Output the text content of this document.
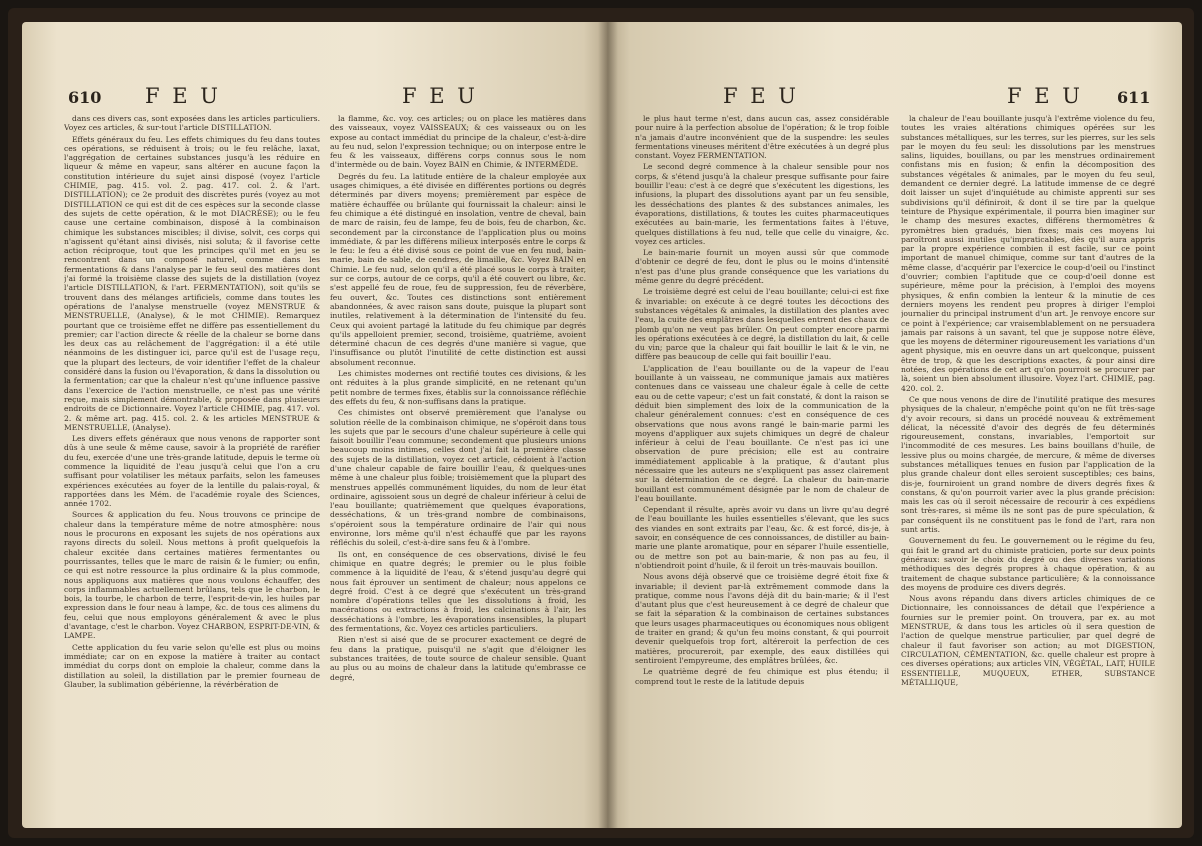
610 F E U	F E U

dans ces divers cas, sont exposées dans les articles particuliers. Voyez ces articles, & sur-tout l'article DISTILLATION.

Effets généraux du feu. Les effets chimiques du feu dans toutes ces opérations, se réduisent à trois; ou le feu relâche, laxat, l'aggrégation de certaines substances jusqu'à les réduire en liqueur & même en vapeur, sans altérer en aucune façon la constitution intérieure du sujet ainsi disposé (voyez l'article CHIMIE, pag. 415. vol. 2. pag. 417. col. 2. & l'art. DISTILLATION); ce 2e produit des discrètes purés (voyez au mot DISTILLATION ce qui est dit de ces espèces sur la seconde classe des sujets de cette opération, & le mot DIACRÈSE); ou le feu cause une certaine combinaison, disposé à la combinaison chimique les substances miscibles; il divise, solvit, ces corps qui n'agissent qu'étant ainsi divisés, nisi soluta; & il favorise cette action réciproque, tout que les principes qu'il met en jeu se rencontrent dans un composé naturel, comme dans les fermentations & dans l'analyse par le feu seul des matières dont j'ai formé la troisième classe des sujets de la distillation (voyez l'article DISTILLATION, & l'art. FERMENTATION), soit qu'ils se trouvent dans des mélanges artificiels, comme dans toutes les opérations de l'analyse menstruelle (voyez MENSTRUE & MENSTRUELLE, (Analyse), & le mot CHIMIE). Remarquez pourtant que ce troisième effet ne diffère pas essentiellement du premier; car l'action directe & réelle de la chaleur se borne dans les deux cas au relâchement de l'aggrégation: il a été utile néanmoins de les distinguer ici, parce qu'il est de l'usage reçu, que la plupart des lecteurs, de voir identifier l'effet de la chaleur considéré dans la fusion ou l'évaporation, & dans la dissolution ou la fermentation; car que la chaleur n'est qu'une influence passive dans l'exercice de l'action menstruelle, ce n'est pas une vérité reçue, mais simplement démontrable, & proposée dans plusieurs endroits de ce Dictionnaire. Voyez l'article CHIMIE, pag. 417. vol. 2. & même art. pag. 415. col. 2. & les articles MENSTRUE & MENSTRUELLE, (Analyse).

Les divers effets généraux que nous venons de rapporter sont dûs à une seule & même cause, savoir à la propriété de raréfier du feu, exercée d'une une très-grande latitude, depuis le terme où commence la liquidité de l'eau jusqu'à celui que l'on a cru suffisant pour volatiliser les métaux parfaits, selon les fameuses expériences exécutées au foyer de la lentille du palais-royal, & rapportées dans les Mém. de l'académie royale des Sciences, année 1702.

Sources & application du feu. Nous trouvons ce principe de chaleur dans la température même de notre atmosphère: nous nous le procurons en exposant les sujets de nos opérations aux rayons directs du soleil. Nous mettons à profit quelquefois la chaleur excitée dans certaines matières fermentantes ou pourrissantes, telles que le marc de raisin & le fumier; ou enfin, ce qui est notre ressource la plus ordinaire & la plus commode, nous appliquons aux matières que nous voulons échauffer, des corps inflammables actuellement brûlans, tels que le charbon, le bois, la tourbe, le charbon de terre, l'esprit-de-vin, les huiles par expression dans le four neau à lampe, &c. de tous ces alimens du feu, celui que nous employons généralement & avec le plus d'avantage, c'est le charbon. Voyez CHARBON, ESPRIT-DE-VIN, & LAMPE.

Cette application du feu varie selon qu'elle est plus ou moins immédiate; car on en expose la matière à traiter au contact immédiat du corps dont on emploie la chaleur, comme dans la distillation au soleil, la distillation par le premier fourneau de Glauber, la sublimation gébérienne, la révérbération de

la flamme, &c. voy. ces articles; ou on place les matières dans des vaisseaux, voyez VAISSEAUX; & ces vaisseaux ou on les expose au contact immédiat du principe de la chaleur, c'est-à-dire au feu nud, selon l'expression technique; ou on interpose entre le feu & les vaisseaux, différens corps connus sous le nom d'intermède ou de bain. Voyez BAIN en Chimie, & INTERMÈDE.

Degrés du feu. La latitude entière de la chaleur employée aux usages chimiques, a été divisée en différentes portions ou degrés déterminés par divers moyens; premièrement par espèce de matière échauffée ou brûlante qui fournissait la chaleur: ainsi le feu chimique a été distingué en insolation, ventre de cheval, bain de marc de raisin, feu de lampe, feu de bois, feu de charbon, &c. secondement par la circonstance de l'application plus ou moins immédiate, & par les différens milieux interposés entre le corps & le feu: le feu a été divisé sous ce point de vue en feu nud, bain-marie, bain de sable, de cendres, de limaille, &c. Voyez BAIN en Chimie. Le feu nud, selon qu'il a été placé sous le corps à traiter, sur ce corps, autour de ce corps, qu'il a été couvert ou libre, &c. s'est appellé feu de roue, feu de suppression, feu de réverbère, feu ouvert, &c. Toutes ces distinctions sont entièrement abandonnées, & avec raison sans doute, puisque la plupart sont inutiles, relativement à la détermination de l'intensité du feu. Ceux qui avoient partagé la latitude du feu chimique par degrés qu'ils appelloient premier, second, troisième, quatrième, avoient déterminé chacun de ces degrés d'une manière si vague, que l'insuffisance ou plutôt l'inutilité de cette distinction est aussi absolument reconnue.

Les chimistes modernes ont rectifié toutes ces divisions, & les ont réduites à la plus grande simplicité, en ne retenant qu'un petit nombre de termes fixes, établis sur la connoissance réfléchie des effets du feu, & non-suffisans dans la pratique.

Ces chimistes ont observé premièrement que l'analyse ou solution réelle de la combinaison chimique, ne s'opéroit dans tous les sujets que par le secours d'une chaleur supérieure à celle qui faisoit bouillir l'eau commune; secondement que plusieurs unions beaucoup moins intimes, celles dont j'ai fait la première classe des sujets de la distillation, voyez cet article, cédoient à l'action d'une chaleur capable de faire bouillir l'eau, & quelques-unes même à une chaleur plus foible; troisièmement que la plupart des menstrues appellés communément liquides, du nom de leur état ordinaire, agissoient sous un degré de chaleur inférieur à celui de l'eau bouillante; quatrièmement que quelques évaporations, desséchations, & un très-grand nombre de combinaisons, s'opéroient sous la température ordinaire de l'air qui nous environne, lors même qu'il n'est échauffé que par les rayons réfléchis du soleil, c'est-à-dire sans feu & à l'ombre.

Ils ont, en conséquence de ces observations, divisé le feu chimique en quatre degrés; le premier ou le plus foible commence à la liquidité de l'eau, & s'étend jusqu'au degré qui nous fait éprouver un sentiment de chaleur; nous appelons ce degré froid. C'est à ce degré que s'exécutent un très-grand nombre d'opérations telles que les dissolutions à froid, les macérations ou extractions à froid, les calcinations à l'air, les desséchations à l'ombre, les évaporations insensibles, la plupart des fermentations, &c. Voyez ces articles particuliers.

Rien n'est si aisé que de se procurer exactement ce degré de feu dans la pratique, puisqu'il ne s'agit que d'éloigner les substances traitées, de toute source de chaleur sensible. Quant au plus ou au moins de chaleur dans la latitude qu'embrasse ce degré,

F E U	F E U 611

le plus haut terme n'est, dans aucun cas, assez considérable pour nuire à la perfection absolue de l'opération; & le trop foible n'a jamais d'autre inconvénient que de la suspendre: les seules fermentations vineuses méritent d'être exécutées à un degré plus constant. Voyez FERMENTATION.

Le second degré commence à la chaleur sensible pour nos corps, & s'étend jusqu'à la chaleur presque suffisante pour faire bouillir l'eau: c'est à ce degré que s'exécutent les digestions, les infusions, la plupart des dissolutions ayant par un feu sensible, les desséchations des plantes & des substances animales, les évaporations, distillations, & toutes les cuites pharmaceutiques exécutées au bain-marie, les fermentations faites à l'étuve, quelques distillations à feu nud, telle que celle du vinaigre, &c. voyez ces articles.

Le bain-marie fournit un moyen aussi sûr que commode d'obtenir ce degré de feu, dont le plus ou le moins d'intensité n'est pas d'une plus grande conséquence que les variations du même genre du degré précédent.

Le troisième degré est celui de l'eau bouillante; celui-ci est fixe & invariable: on exécute à ce degré toutes les décoctions des substances végétales & animales, la distillation des plantes avec l'eau, la cuite des emplâtres dans lesquelles entrent des chaux de plomb qu'on ne veut pas brûler. On peut compter encore parmi les opérations exécutées à ce degré, la distillation du lait, & celle du vin; parce que la chaleur qui fait bouillir le lait & le vin, ne diffère pas beaucoup de celle qui fait bouillir l'eau.

L'application de l'eau bouillante ou de la vapeur de l'eau bouillante à un vaisseau, ne communique jamais aux matières contenues dans ce vaisseau une chaleur égale à celle de cette eau ou de cette vapeur; c'est un fait constaté, & dont la raison se déduit bien simplement des loix de la communication de la chaleur généralement connues: c'est en conséquence de ces observations que nous avons rangé le bain-marie parmi les moyens d'appliquer aux sujets chimiques un degré de chaleur inférieur à celui de l'eau bouillante. Ce n'est pas ici une observation de pure précision; elle est au contraire immédiatement applicable à la pratique, & d'autant plus nécessaire que les auteurs ne s'expliquent pas assez clairement sur la détermination de ce degré. La chaleur du bain-marie bouillant est communément désignée par le nom de chaleur de l'eau bouillante.

Cependant il résulte, après avoir vu dans un livre qu'au degré de l'eau bouillante les huiles essentielles s'élevant, que les sucs des viandes en sont extraits par l'eau, &c. & est forcé, dis-je, à savoir, en conséquence de ces connoissances, de distiller au bain-marie une plante aromatique, pour en séparer l'huile essentielle, ou de mettre son pot au bain-marie, & non pas au feu, il n'obtiendroit point d'huile, & il feroit un très-mauvais bouillon.

Nous avons déjà observé que ce troisième degré étoit fixe & invariable; il devient par-là extrêmement commode dans la pratique, comme nous l'avons déjà dit du bain-marie; & il l'est d'autant plus que c'est heureusement à ce degré de chaleur que se fait la séparation & la combinaison de certaines substances que leurs usages pharmaceutiques ou économiques nous obligent de traiter en grand; & qu'un feu moins constant, & qui pourroit devenir quelquefois trop fort, altéreroit la perfection de ces matières, procureroit, par exemple, des eaux distillées qui sentiroient l'empyreume, des emplâtres brûlées, &c.

Le quatrième degré de feu chimique est plus étendu; il comprend tout le reste de la latitude depuis

la chaleur de l'eau bouillante jusqu'à l'extrême violence du feu, toutes les vraies altérations chimiques opérées sur les substances métalliques, sur les terres, sur les pierres, sur les sels par le moyen du feu seul: les dissolutions par les menstrues salins, liquides, bouillans, ou par les menstrues ordinairement confistans mis en fusion; & enfin la décomposition des substances végétales & animales, par le moyen du feu seul, demandent ce dernier degré. La latitude immense de ce degré doit laisser un sujet d'inquiétude au chimiste apprenti sur ses subdivisions qu'il définiroit, & dont il se tire par la quelque teinture de Physique expérimentale, il pourra bien imaginer sur le champ des mesures exactes, différens thermomètres & pyromètres bien gradués, bien fixes; mais ces moyens lui paroîtront aussi inutiles qu'impraticables, dès qu'il aura appris par la propre expérience combien il est facile, sur ce point important de manuel chimique, comme sur tant d'autres de la même classe, d'acquérir par l'exercice le coup-d'oeil ou l'instinct d'ouvrier; combien l'aptitude que ce coup-d'oeil donne est supérieure, même pour la précision, à l'emploi des moyens physiques, & enfin combien la lenteur & la minutie de ces derniers moyens les rendent peu propres à diriger l'emploi journalier du principal instrument d'un art. Je renvoye encore sur ce point à l'expérience; car vraisemblablement on ne persuadera jamais par raisons à un savant, tel que je suppose notre élève, que les moyens de déterminer rigoureusement les variations d'un agent physique, mis en oeuvre dans un art quelconque, puissent être de trop, & que les descriptions exactes, & pour ainsi dire notées, des opérations de cet art qu'on pourroit se procurer par là, soient un bien absolument illusoire. Voyez l'art. CHIMIE, pag. 420. col. 2.

Ce que nous venons de dire de l'inutilité pratique des mesures physiques de la chaleur, n'empêche point qu'on ne fût très-sage d'y avoir recours, si dans un procédé nouveau & extrêmement délicat, la nécessité d'avoir des degrés de feu déterminés rigoureusement, constans, invariables, l'emportoit sur l'incommodité de ces mesures. Les bains bouillans d'huile, de lessive plus ou moins chargée, de mercure, & même de diverses substances métalliques tenues en fusion par l'application de la plus grande chaleur dont elles seroient susceptibles; ces bains, dis-je, fourniroient un grand nombre de divers degrés fixes & constans, & qu'on pourroit varier avec la plus grande précision: mais les cas où il seroit nécessaire de recourir à ces expédiens sont très-rares, si même ils ne sont pas de pure spéculation, & par conséquent ils ne constituent pas le fond de l'art, rara non sunt artis.

Gouvernement du feu. Le gouvernement ou le régime du feu, qui fait le grand art du chimiste praticien, porte sur deux points généraux: savoir le choix du degré ou des diverses variations méthodiques des degrés propres à chaque opération, & au traitement de chaque substance particulière; & la connoissance des moyens de produire ces divers degrés.

Nous avons répandu dans divers articles chimiques de ce Dictionnaire, les connoissances de détail que l'expérience a fournies sur le premier point. On trouvera, par ex. au mot MENSTRUE, & dans tous les articles où il sera question de l'action de quelque menstrue particulier, par quel degré de chaleur il faut favoriser son action; au mot DIGESTION, CIRCULATION, CÉMENTATION, &c. quelle chaleur est propre à ces diverses opérations; aux articles VIN, VÉGÉTAL, LAIT, HUILE ESSENTIELLE, MUQUEUX, ETHER, SUBSTANCE MÉTALLIQUE,
